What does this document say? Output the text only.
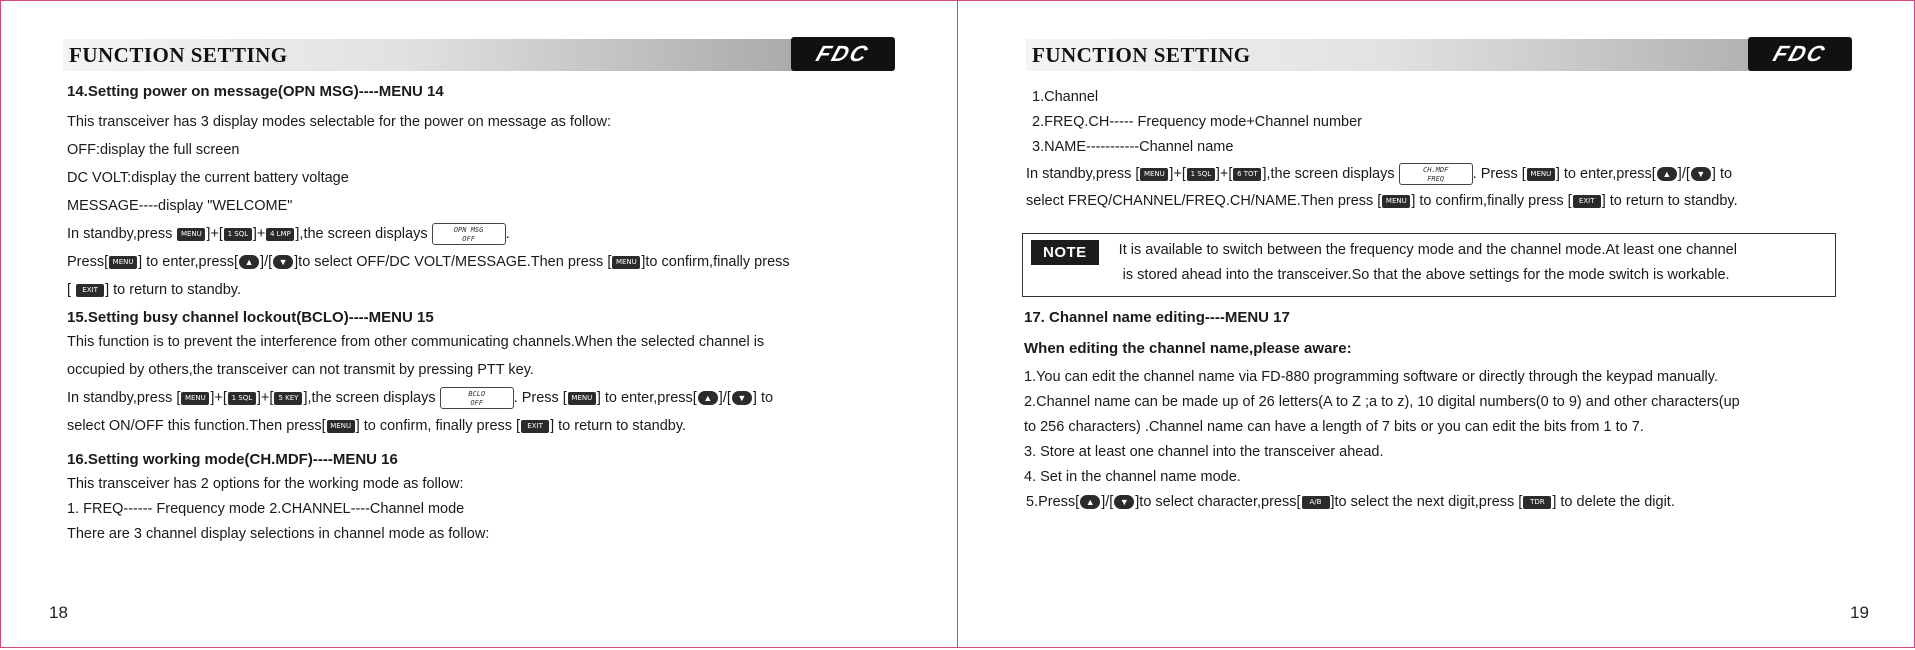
FUNCTION SETTING	FDC

14.Setting power on message(OPN MSG)----MENU 14

This transceiver has 3 display modes selectable for the power on message as follow:

OFF:display the full screen

DC VOLT:display the current battery voltage

MESSAGE----display "WELCOME"

In standby,press MENU ]+[ 1 SQL ]+ 4 LMP ],the screen displays	OPN MSG
OFF	.

Press[ MENU ] to enter,press[ ▲ ]/[ ▼ ]to select OFF/DC VOLT/MESSAGE.Then press [ MENU ]to confirm,finally press

[ EXIT ] to return to standby.

15.Setting busy channel lockout(BCLO)----MENU 15

This function is to prevent the interference from other communicating channels.When the selected channel is

occupied by others,the transceiver can not transmit by pressing PTT key.

In standby,press [ MENU ]+[ 1 SQL ]+[ 5 KEY ],the screen displays	BCLO
OFF	. Press [ MENU ] to enter,press[ ▲ ]/[ ▼ ] to

select ON/OFF this function.Then press[ MENU ] to confirm, finally press [ EXIT ] to return to standby.

16.Setting working mode(CH.MDF)----MENU 16

This transceiver has 2 options for the working mode as follow:

1. FREQ------ Frequency mode 2.CHANNEL----Channel mode

There are 3 channel display selections in channel mode as follow:

18
FUNCTION SETTING	FDC

1.Channel

2.FREQ.CH----- Frequency mode+Channel number

3.NAME-----------Channel name

In standby,press [ MENU ]+[ 1 SQL ]+[ 6 TOT ],the screen displays	CH.MDF
FREQ	. Press [ MENU ] to enter,press[ ▲ ]/[ ▼ ] to

select FREQ/CHANNEL/FREQ.CH/NAME.Then press [ MENU ] to confirm,finally press [ EXIT ] to return to standby.

NOTE	It is available to switch between the frequency mode and the channel mode.At least one channel

is stored ahead into the transceiver.So that the above settings for the mode switch is workable.

17. Channel name editing----MENU 17

When editing the channel name,please aware:

1.You can edit the channel name via FD-880 programming software or directly through the keypad manually.

2.Channel name can be made up of 26 letters(A to Z ;a to z), 10 digital numbers(0 to 9) and other characters(up

to 256 characters) .Channel name can have a length of 7 bits or you can edit the bits from 1 to 7.

3. Store at least one channel into the transceiver ahead.

4. Set in the channel name mode.

5.Press[ ▲ ]/[ ▼ ]to select character,press[ A/B ]to select the next digit,press [ TDR ] to delete the digit.

19
